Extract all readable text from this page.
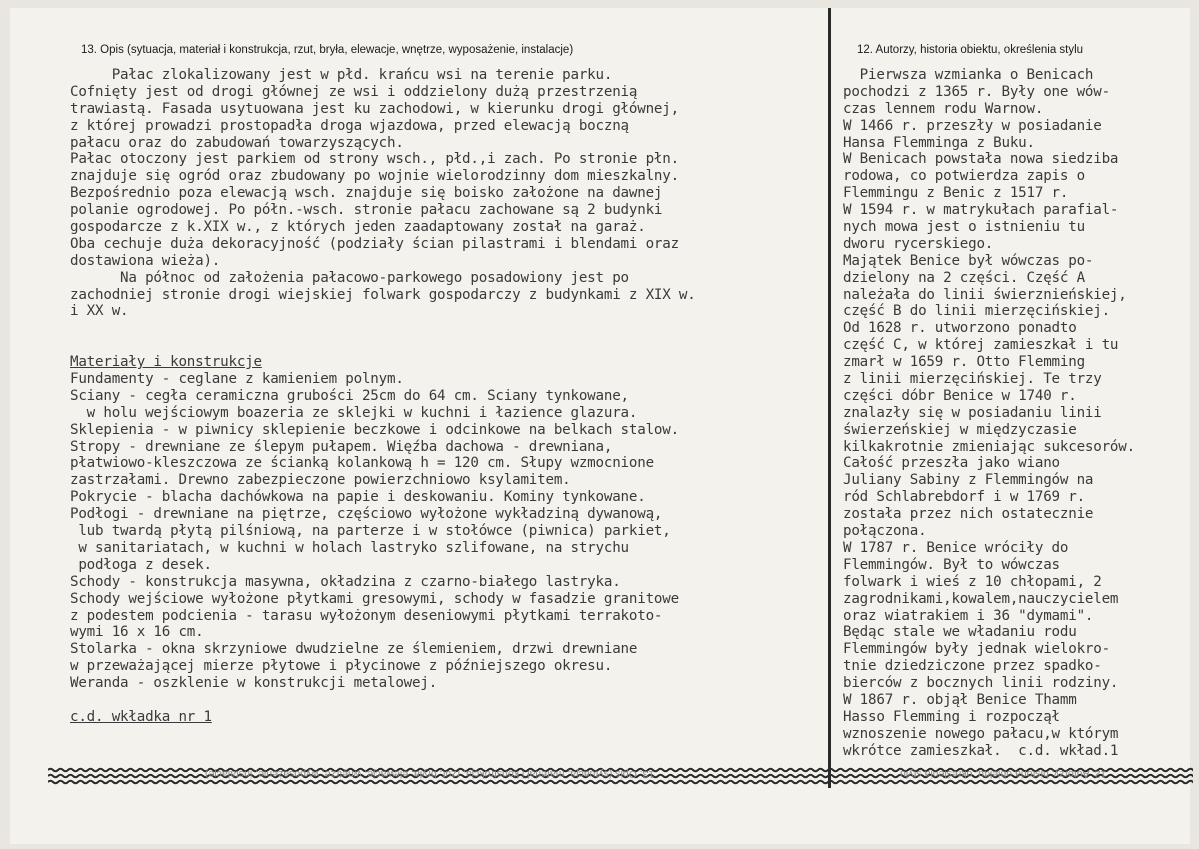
13. Opis (sytuacja, materiał i konstrukcja, rzut, bryła, elewacje, wnętrze, wyposażenie, instalacje)	12. Autorzy, historia obiektu, określenia stylu
Pałac zlokalizowany jest w płd. krańcu wsi na terenie parku.
Cofnięty jest od drogi głównej ze wsi i oddzielony dużą przestrzenią
trawiastą. Fasada usytuowana jest ku zachodowi, w kierunku drogi głównej,
z której prowadzi prostopadła droga wjazdowa, przed elewacją boczną
pałacu oraz do zabudowań towarzyszących.
Pałac otoczony jest parkiem od strony wsch., płd.,i zach. Po stronie płn.
znajduje się ogród oraz zbudowany po wojnie wielorodzinny dom mieszkalny.
Bezpośrednio poza elewacją wsch. znajduje się boisko założone na dawnej
polanie ogrodowej. Po półn.-wsch. stronie pałacu zachowane są 2 budynki
gospodarcze z k.XIX w., z których jeden zaadaptowany został na garaż.
Oba cechuje duża dekoracyjność (podziały ścian pilastrami i blendami oraz
dostawiona wieża).
Na północ od założenia pałacowo-parkowego posadowiony jest po
zachodniej stronie drogi wiejskiej folwark gospodarczy z budynkami z XIX w.
i XX w.
Materiały i konstrukcje
Fundamenty - ceglane z kamieniem polnym.
Sciany - cegła ceramiczna grubości 25cm do 64 cm. Sciany tynkowane,
w holu wejściowym boazeria ze sklejki w kuchni i łazience glazura.
Sklepienia - w piwnicy sklepienie beczkowe i odcinkowe na belkach stalow.
Stropy - drewniane ze ślepym pułapem. Więźba dachowa - drewniana,
płatwiowo-kleszczowa ze ścianką kolankową h = 120 cm. Słupy wzmocnione
zastrzałami. Drewno zabezpieczone powierzchniowo ksylamitem.
Pokrycie - blacha dachówkowa na papie i deskowaniu. Kominy tynkowane.
Podłogi - drewniane na piętrze, częściowo wyłożone wykładziną dywanową,
lub twardą płytą pilśniową, na parterze i w stołówce (piwnica) parkiet,
w sanitariatach, w kuchni w holach lastryko szlifowane, na strychu
podłoga z desek.
Schody - konstrukcja masywna, okładzina z czarno-białego lastryka.
Schody wejściowe wyłożone płytkami gresowymi, schody w fasadzie granitowe
z podestem podcienia - tarasu wyłożonym deseniowymi płytkami terrakoto-
wymi 16 x 16 cm.
Stolarka - okna skrzyniowe dwudzielne ze ślemieniem, drzwi drewniane
w przeważającej mierze płytowe i płycinowe z późniejszego okresu.
Weranda - oszklenie w konstrukcji metalowej.
c.d. wkładka nr 1
Pierwsza wzmianka o Benicach
pochodzi z 1365 r. Były one wów-
czas lennem rodu Warnow.
W 1466 r. przeszły w posiadanie
Hansa Flemminga z Buku.
W Benicach powstała nowa siedziba
rodowa, co potwierdza zapis o
Flemmingu z Benic z 1517 r.
W 1594 r. w matrykułach parafial-
nych mowa jest o istnieniu tu
dworu rycerskiego.
Majątek Benice był wówczas po-
dzielony na 2 części. Część A
należała do linii świerznieńskiej,
część B do linii mierzęcińskiej.
Od 1628 r. utworzono ponadto
część C, w której zamieszkał i tu
zmarł w 1659 r. Otto Flemming
z linii mierzęcińskiej. Te trzy
części dóbr Benice w 1740 r.
znalazły się w posiadaniu linii
świerzeńskiej w międzyczasie
kilkakrotnie zmieniając sukcesorów.
Całość przeszła jako wiano
Juliany Sabiny z Flemmingów na
ród Schlabrebdorf i w 1769 r.
została przez nich ostatecznie
połączona.
W 1787 r. Benice wróciły do
Flemmingów. Był to wówczas
folwark i wieś z 10 chłopami, 2
zagrodnikami,kowalem,nauczycielem
oraz wiatrakiem i 36 "dymami".
Będąc stale we władaniu rodu
Flemmingów były jednak wielokro-
tnie dziedziczone przez spadko-
bierców z bocznych linii rodziny.
W 1867 r. objął Benice Thamm
Hasso Flemming i rozpoczął
wznoszenie nowego pałacu,w którym
wkrótce zamieszkał.  c.d. wkład.1
13. Opis (sytuacja, materiał i konstrukcja, rzut, bryła, elewacje, wnętrze, wyposażenie, instalacje)	12. Autorzy, historia obiektu, określenia stylu
